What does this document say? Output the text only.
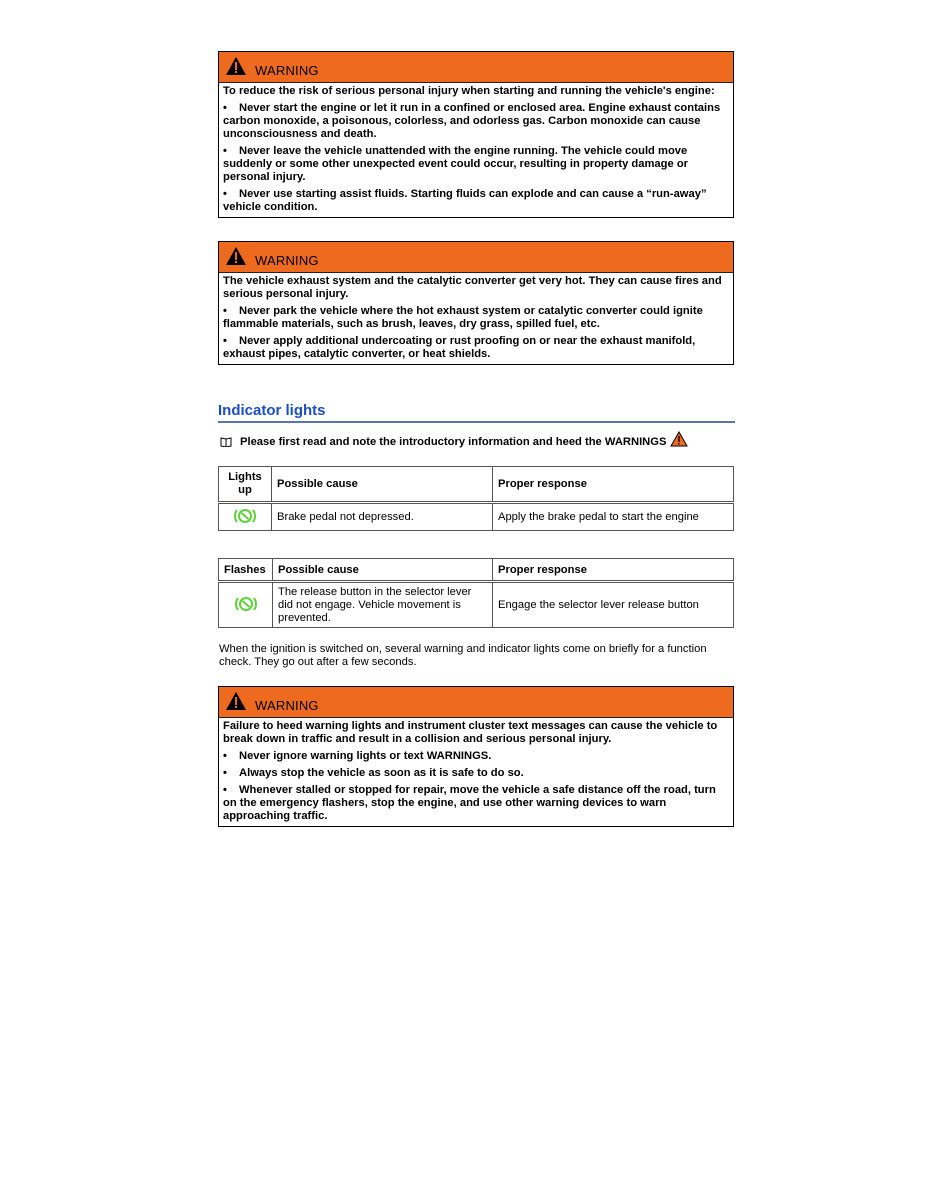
WARNING

To reduce the risk of serious personal injury when starting and running the vehicle's engine:

• Never start the engine or let it run in a confined or enclosed area. Engine exhaust contains carbon monoxide, a poisonous, colorless, and odorless gas. Carbon monoxide can cause unconsciousness and death.

• Never leave the vehicle unattended with the engine running. The vehicle could move suddenly or some other unexpected event could occur, resulting in property damage or personal injury.

• Never use starting assist fluids. Starting fluids can explode and can cause a “run-away” vehicle condition.

WARNING

The vehicle exhaust system and the catalytic converter get very hot. They can cause fires and serious personal injury.

• Never park the vehicle where the hot exhaust system or catalytic converter could ignite flammable materials, such as brush, leaves, dry grass, spilled fuel, etc.

• Never apply additional undercoating or rust proofing on or near the exhaust manifold, exhaust pipes, catalytic converter, or heat shields.

Indicator lights
Please first read and note the introductory information and heed the WARNINGS
Lights up	Possible cause	Proper response
	Brake pedal not depressed.	Apply the brake pedal to start the engine
Flashes	Possible cause	Proper response
	The release button in the selector lever did not engage. Vehicle movement is prevented.	Engage the selector lever release button
When the ignition is switched on, several warning and indicator lights come on briefly for a function check. They go out after a few seconds.
WARNING

Failure to heed warning lights and instrument cluster text messages can cause the vehicle to break down in traffic and result in a collision and serious personal injury.

• Never ignore warning lights or text WARNINGS.

• Always stop the vehicle as soon as it is safe to do so.

• Whenever stalled or stopped for repair, move the vehicle a safe distance off the road, turn on the emergency flashers, stop the engine, and use other warning devices to warn approaching traffic.
